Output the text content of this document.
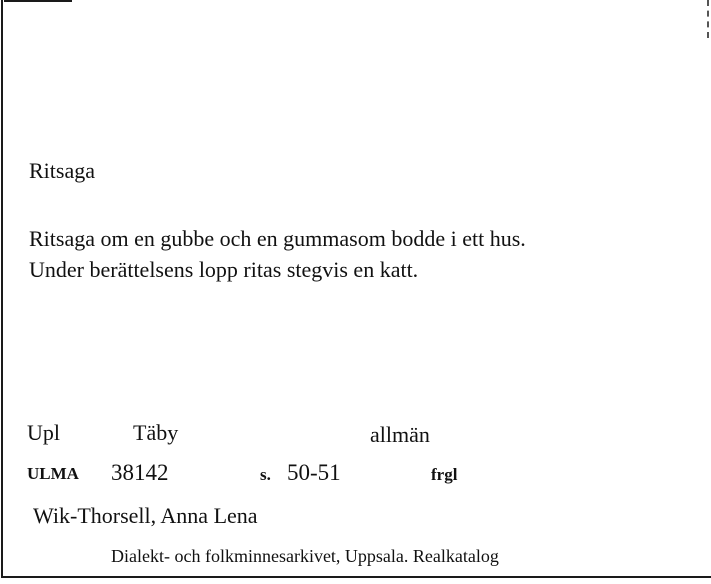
Ritsaga
Ritsaga om en gubbe och en gummasom bodde i ett hus.
Under berättelsens lopp ritas stegvis en katt.
Upl	Täby	allmän
ULMA 38142	s. 50-51	frgl
Wik-Thorsell, Anna Lena
Dialekt- och folkminnesarkivet, Uppsala. Realkatalog
